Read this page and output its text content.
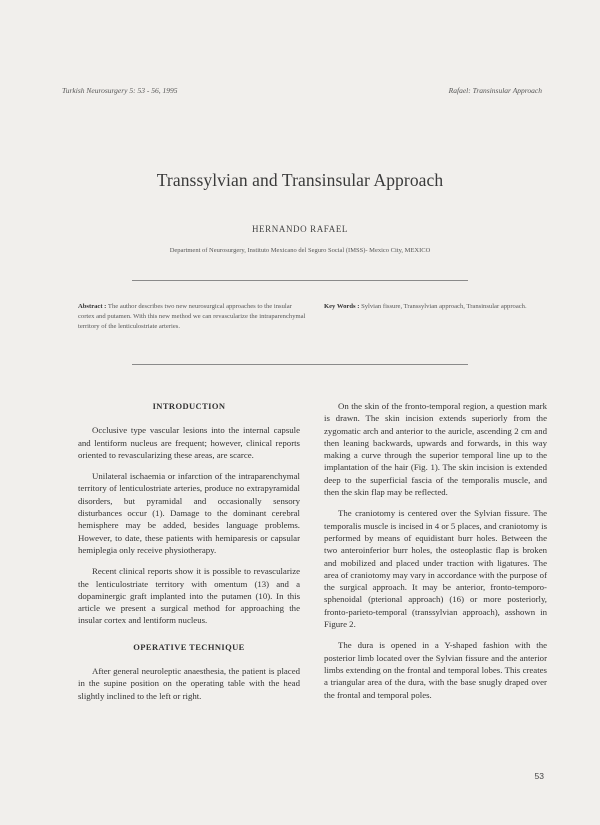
Turkish Neurosurgery 5: 53 - 56, 1995	Rafael: Transinsular Approach
Transsylvian and Transinsular Approach
HERNANDO RAFAEL
Department of Neurosurgery, Instituto Mexicano del Seguro Social (IMSS)- Mexico City, MEXICO
Abstract : The author describes two new neurosurgical approaches to the insular cortex and putamen. With this new method we can revascularize the intraparenchymal territory of the lenticulostriate arteries.
Key Words : Sylvian fissure, Transsylvian approach, Transinsular approach.
INTRODUCTION

Occlusive type vascular lesions into the internal capsule and lentiform nucleus are frequent; however, clinical reports oriented to revascularizing these areas, are scarce.

Unilateral ischaemia or infarction of the intraparenchymal territory of lenticulostriate arteries, produce no extrapyramidal disorders, but pyramidal and occasionally sensory disturbances occur (1). Damage to the dominant cerebral hemisphere may be added, besides language problems. However, to date, these patients with hemiparesis or capsular hemiplegia only receive physiotherapy.

Recent clinical reports show it is possible to revascularize the lenticulostriate territory with omentum (13) and a dopaminergic graft implanted into the putamen (10). In this article we present a surgical method for approaching the insular cortex and lentiform nucleus.

OPERATIVE TECHNIQUE

After general neuroleptic anaesthesia, the patient is placed in the supine position on the operating table with the head slightly inclined to the left or right.

On the skin of the fronto-temporal region, a question mark is drawn. The skin incision extends superiorly from the zygomatic arch and anterior to the auricle, ascending 2 cm and then leaning backwards, upwards and forwards, in this way making a curve through the superior temporal line up to the implantation of the hair (Fig. 1). The skin incision is extended deep to the superficial fascia of the temporalis muscle, and then the skin flap may be reflected.

The craniotomy is centered over the Sylvian fissure. The temporalis muscle is incised in 4 or 5 places, and craniotomy is performed by means of equidistant burr holes. Between the two anteroinferior burr holes, the osteoplastic flap is broken and mobilized and placed under traction with ligatures. The area of craniotomy may vary in accordance with the purpose of the surgical approach. It may be anterior, fronto-temporo-sphenoidal (pterional approach) (16) or more posteriorly, fronto-parieto-temporal (transsylvian approach), asshown in Figure 2.

The dura is opened in a Y-shaped fashion with the posterior limb located over the Sylvian fissure and the anterior limbs extending on the frontal and temporal lobes. This creates a triangular area of the dura, with the base snugly draped over the frontal and temporal poles.

53
